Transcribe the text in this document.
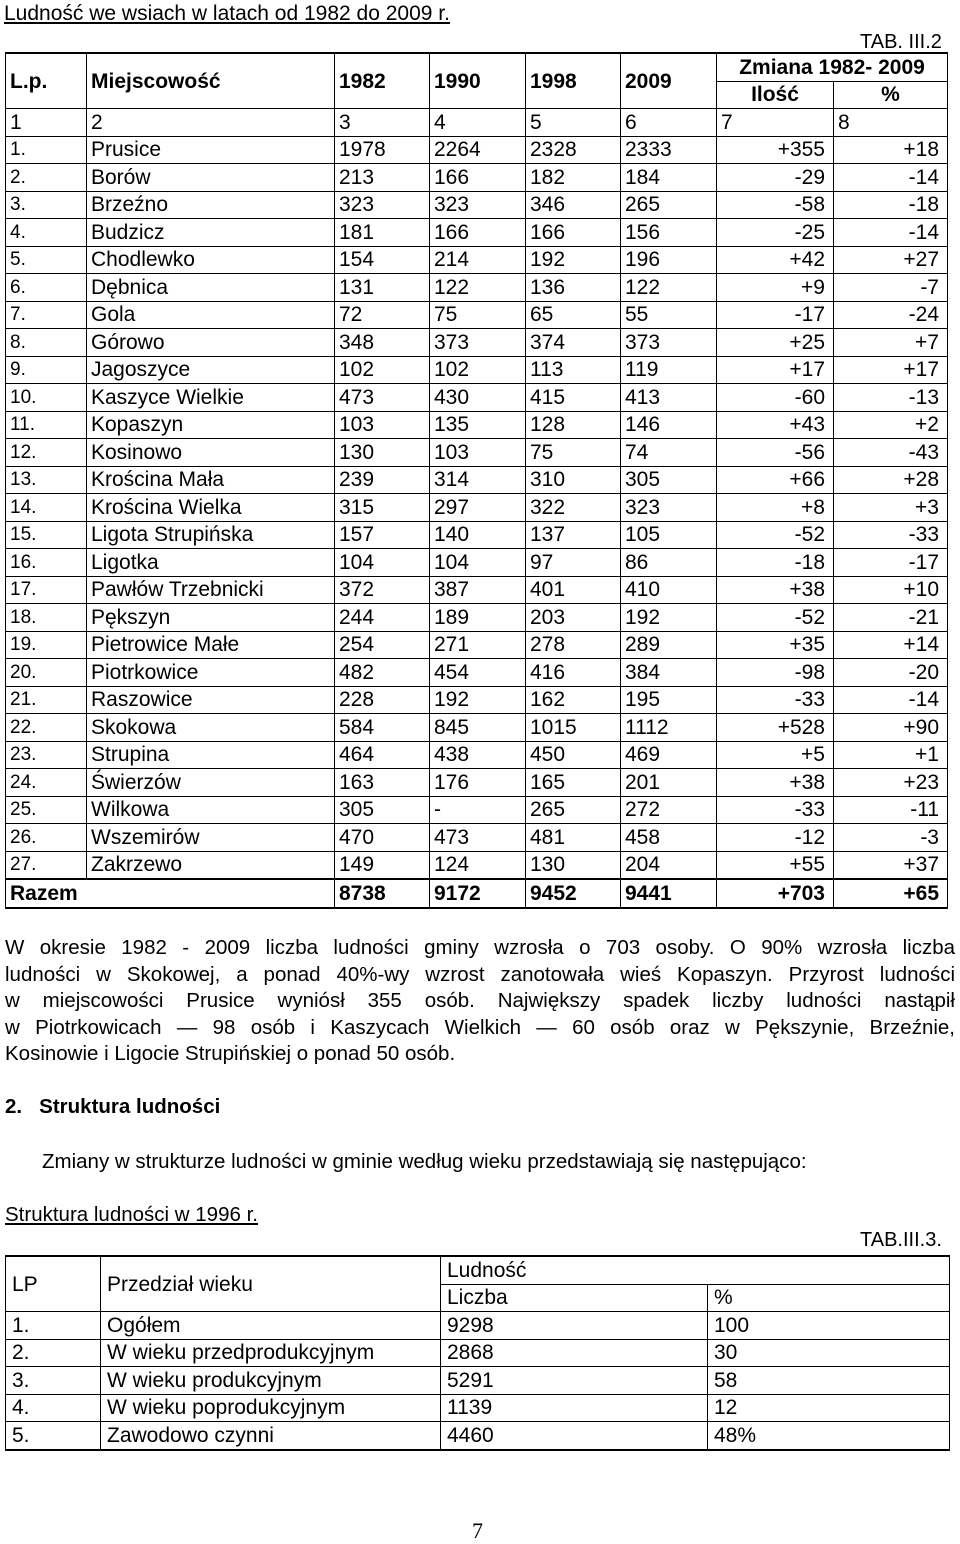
Ludność we wsiach w latach od 1982 do 2009 r.
TAB. III.2
L.p.	Miejscowość	1982	1990	1998	2009	Zmiana 1982- 2009	
						Ilość	%
1	2	3	4	5	6	7	8
1.	Prusice	1978	2264	2328	2333	+355	+18
2.	Borów	213	166	182	184	-29	-14
3.	Brzeźno	323	323	346	265	-58	-18
4.	Budzicz	181	166	166	156	-25	-14
5.	Chodlewko	154	214	192	196	+42	+27
6.	Dębnica	131	122	136	122	+9	-7
7.	Gola	72	75	65	55	-17	-24
8.	Górowo	348	373	374	373	+25	+7
9.	Jagoszyce	102	102	113	119	+17	+17
10.	Kaszyce Wielkie	473	430	415	413	-60	-13
11.	Kopaszyn	103	135	128	146	+43	+2
12.	Kosinowo	130	103	75	74	-56	-43
13.	Krościna Mała	239	314	310	305	+66	+28
14.	Krościna Wielka	315	297	322	323	+8	+3
15.	Ligota Strupińska	157	140	137	105	-52	-33
16.	Ligotka	104	104	97	86	-18	-17
17.	Pawłów Trzebnicki	372	387	401	410	+38	+10
18.	Pększyn	244	189	203	192	-52	-21
19.	Pietrowice Małe	254	271	278	289	+35	+14
20.	Piotrkowice	482	454	416	384	-98	-20
21.	Raszowice	228	192	162	195	-33	-14
22.	Skokowa	584	845	1015	1112	+528	+90
23.	Strupina	464	438	450	469	+5	+1
24.	Świerzów	163	176	165	201	+38	+23
25.	Wilkowa	305	-	265	272	-33	-11
26.	Wszemirów	470	473	481	458	-12	-3
27.	Zakrzewo	149	124	130	204	+55	+37
Razem		8738	9172	9452	9441	+703	+65
W okresie 1982 - 2009 liczba ludności gminy wzrosła o 703 osoby. O 90% wzrosła liczba
ludności w Skokowej, a ponad 40%-wy wzrost zanotowała wieś Kopaszyn. Przyrost ludności
w miejscowości Prusice wyniósł 355 osób. Największy spadek liczby ludności nastąpił
w Piotrkowicach — 98 osób i Kaszycach Wielkich — 60 osób oraz w Pększynie, Brzeźnie,
Kosinowie i Ligocie Strupińskiej o ponad 50 osób.
2.   Struktura ludności
Zmiany w strukturze ludności w gminie według wieku przedstawiają się następująco:
Struktura ludności w 1996 r.
TAB.III.3.
LP	Przedział wieku	Ludność	
		Liczba	%
1.	Ogółem	9298	100
2.	W wieku przedprodukcyjnym	2868	30
3.	W wieku produkcyjnym	5291	58
4.	W wieku poprodukcyjnym	1139	12
5.	Zawodowo czynni	4460	48%
7
